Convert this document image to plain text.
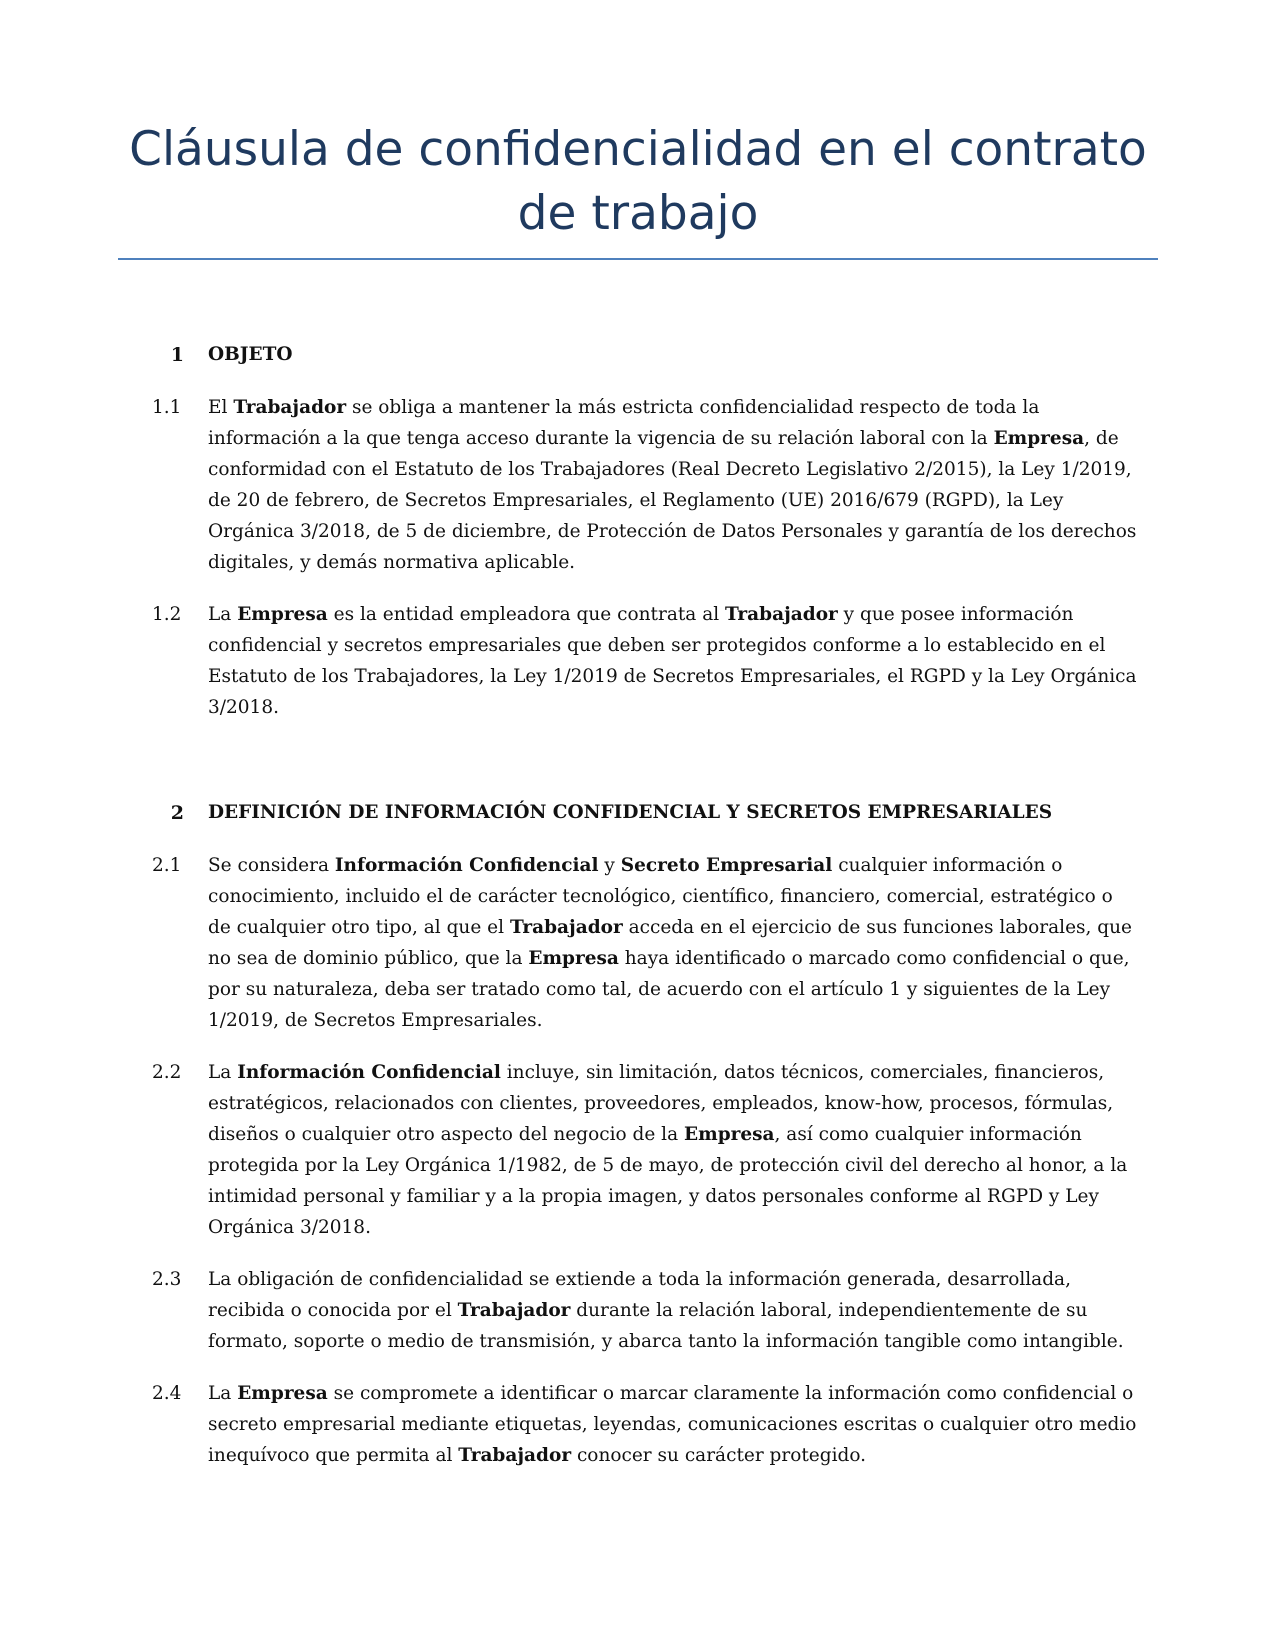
Cláusula de confidencialidad en el contrato de trabajo
1 OBJETO
1.1 El Trabajador se obliga a mantener la más estricta confidencialidad respecto de toda la información a la que tenga acceso durante la vigencia de su relación laboral con la Empresa, de conformidad con el Estatuto de los Trabajadores (Real Decreto Legislativo 2/2015), la Ley 1/2019, de 20 de febrero, de Secretos Empresariales, el Reglamento (UE) 2016/679 (RGPD), la Ley Orgánica 3/2018, de 5 de diciembre, de Protección de Datos Personales y garantía de los derechos digitales, y demás normativa aplicable.
1.2 La Empresa es la entidad empleadora que contrata al Trabajador y que posee información confidencial y secretos empresariales que deben ser protegidos conforme a lo establecido en el Estatuto de los Trabajadores, la Ley 1/2019 de Secretos Empresariales, el RGPD y la Ley Orgánica 3/2018.
2 DEFINICIÓN DE INFORMACIÓN CONFIDENCIAL Y SECRETOS EMPRESARIALES
2.1 Se considera Información Confidencial y Secreto Empresarial cualquier información o conocimiento, incluido el de carácter tecnológico, científico, financiero, comercial, estratégico o de cualquier otro tipo, al que el Trabajador acceda en el ejercicio de sus funciones laborales, que no sea de dominio público, que la Empresa haya identificado o marcado como confidencial o que, por su naturaleza, deba ser tratado como tal, de acuerdo con el artículo 1 y siguientes de la Ley 1/2019, de Secretos Empresariales.
2.2 La Información Confidencial incluye, sin limitación, datos técnicos, comerciales, financieros, estratégicos, relacionados con clientes, proveedores, empleados, know-how, procesos, fórmulas, diseños o cualquier otro aspecto del negocio de la Empresa, así como cualquier información protegida por la Ley Orgánica 1/1982, de 5 de mayo, de protección civil del derecho al honor, a la intimidad personal y familiar y a la propia imagen, y datos personales conforme al RGPD y Ley Orgánica 3/2018.
2.3 La obligación de confidencialidad se extiende a toda la información generada, desarrollada, recibida o conocida por el Trabajador durante la relación laboral, independientemente de su formato, soporte o medio de transmisión, y abarca tanto la información tangible como intangible.
2.4 La Empresa se compromete a identificar o marcar claramente la información como confidencial o secreto empresarial mediante etiquetas, leyendas, comunicaciones escritas o cualquier otro medio inequívoco que permita al Trabajador conocer su carácter protegido.
